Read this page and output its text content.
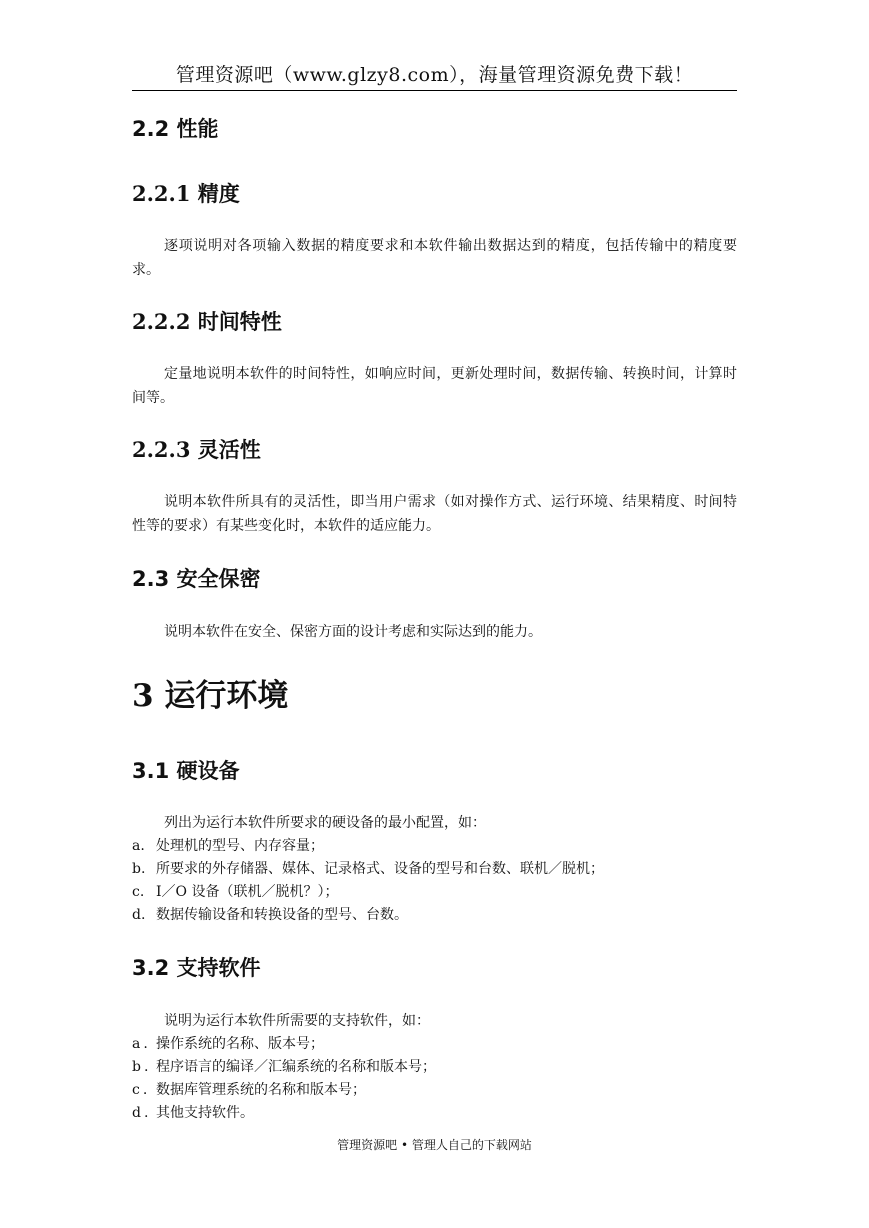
管理资源吧（www.glzy8.com），海量管理资源免费下载！
2.2 性能
2.2.1 精度
逐项说明对各项输入数据的精度要求和本软件输出数据达到的精度，包括传输中的精度要求。
2.2.2 时间特性
定量地说明本软件的时间特性，如响应时间，更新处理时间，数据传输、转换时间，计算时间等。
2.2.3 灵活性
说明本软件所具有的灵活性，即当用户需求（如对操作方式、运行环境、结果精度、时间特性等的要求）有某些变化时，本软件的适应能力。
2.3 安全保密
说明本软件在安全、保密方面的设计考虑和实际达到的能力。
3 运行环境
3.1 硬设备
列出为运行本软件所要求的硬设备的最小配置，如：
a. 处理机的型号、内存容量；
b. 所要求的外存储器、媒体、记录格式、设备的型号和台数、联机／脱机；
c. I／O 设备（联机／脱机？）；
d. 数据传输设备和转换设备的型号、台数。
3.2 支持软件
说明为运行本软件所需要的支持软件，如：
a. 操作系统的名称、版本号；
b. 程序语言的编译／汇编系统的名称和版本号；
c. 数据库管理系统的名称和版本号；
d. 其他支持软件。
管理资源吧 • 管理人自己的下载网站
